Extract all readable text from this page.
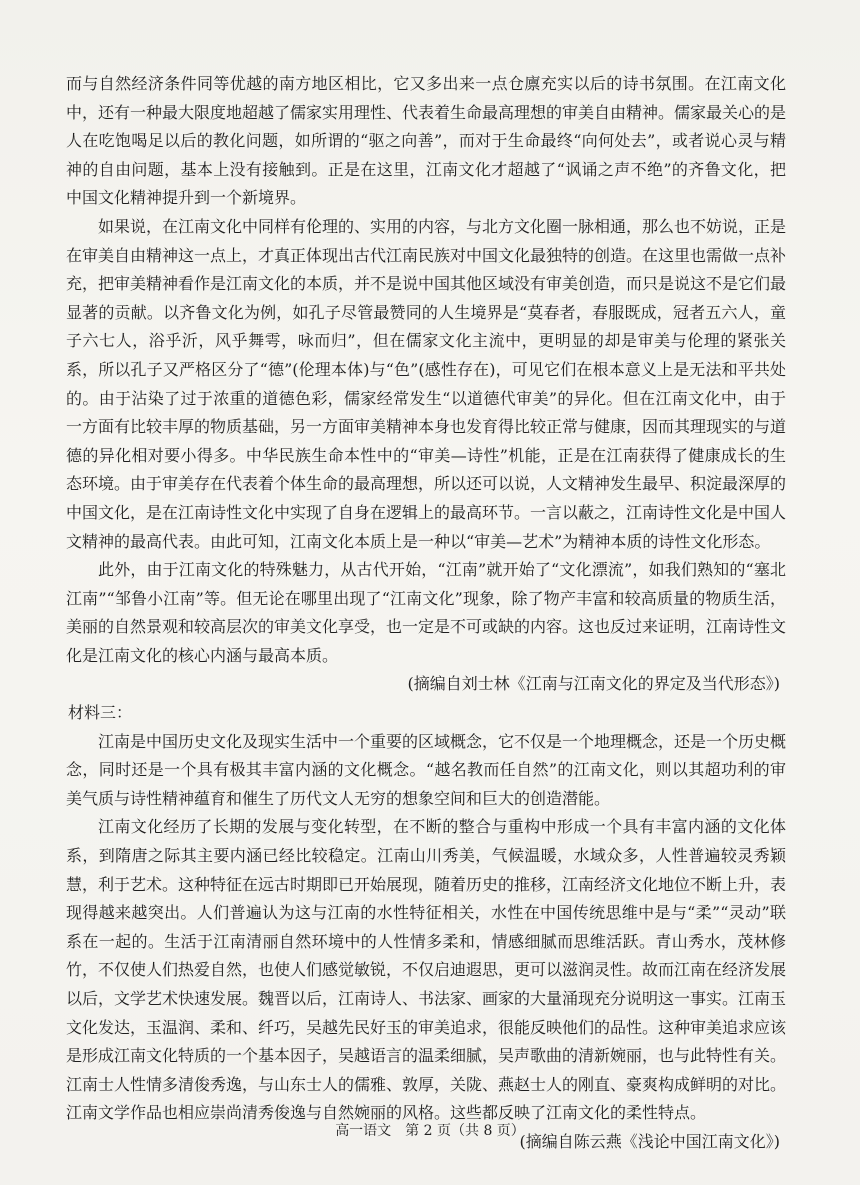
而与自然经济条件同等优越的南方地区相比，它又多出来一点仓廪充实以后的诗书氛围。在江南文化中，还有一种最大限度地超越了儒家实用理性、代表着生命最高理想的审美自由精神。儒家最关心的是人在吃饱喝足以后的教化问题，如所谓的“驱之向善”，而对于生命最终“向何处去”，或者说心灵与精神的自由问题，基本上没有接触到。正是在这里，江南文化才超越了“讽诵之声不绝”的齐鲁文化，把中国文化精神提升到一个新境界。

如果说，在江南文化中同样有伦理的、实用的内容，与北方文化圈一脉相通，那么也不妨说，正是在审美自由精神这一点上，才真正体现出古代江南民族对中国文化最独特的创造。在这里也需做一点补充，把审美精神看作是江南文化的本质，并不是说中国其他区域没有审美创造，而只是说这不是它们最显著的贡献。以齐鲁文化为例，如孔子尽管最赞同的人生境界是“莫春者，春服既成，冠者五六人，童子六七人，浴乎沂，风乎舞雩，咏而归”，但在儒家文化主流中，更明显的却是审美与伦理的紧张关系，所以孔子又严格区分了“德”(伦理本体)与“色”(感性存在)，可见它们在根本意义上是无法和平共处的。由于沾染了过于浓重的道德色彩，儒家经常发生“以道德代审美”的异化。但在江南文化中，由于一方面有比较丰厚的物质基础，另一方面审美精神本身也发育得比较正常与健康，因而其理现实的与道德的异化相对要小得多。中华民族生命本性中的“审美—诗性”机能，正是在江南获得了健康成长的生态环境。由于审美存在代表着个体生命的最高理想，所以还可以说，人文精神发生最早、积淀最深厚的中国文化，是在江南诗性文化中实现了自身在逻辑上的最高环节。一言以蔽之，江南诗性文化是中国人文精神的最高代表。由此可知，江南文化本质上是一种以“审美—艺术”为精神本质的诗性文化形态。

此外，由于江南文化的特殊魅力，从古代开始，“江南”就开始了“文化漂流”，如我们熟知的“塞北江南”“邹鲁小江南”等。但无论在哪里出现了“江南文化”现象，除了物产丰富和较高质量的物质生活，美丽的自然景观和较高层次的审美文化享受，也一定是不可或缺的内容。这也反过来证明，江南诗性文化是江南文化的核心内涵与最高本质。

(摘编自刘士林《江南与江南文化的界定及当代形态》)

材料三：

江南是中国历史文化及现实生活中一个重要的区域概念，它不仅是一个地理概念，还是一个历史概念，同时还是一个具有极其丰富内涵的文化概念。“越名教而任自然”的江南文化，则以其超功利的审美气质与诗性精神蕴育和催生了历代文人无穷的想象空间和巨大的创造潜能。

江南文化经历了长期的发展与变化转型，在不断的整合与重构中形成一个具有丰富内涵的文化体系，到隋唐之际其主要内涵已经比较稳定。江南山川秀美，气候温暖，水域众多，人性普遍较灵秀颖慧，利于艺术。这种特征在远古时期即已开始展现，随着历史的推移，江南经济文化地位不断上升，表现得越来越突出。人们普遍认为这与江南的水性特征相关，水性在中国传统思维中是与“柔”“灵动”联系在一起的。生活于江南清丽自然环境中的人性情多柔和，情感细腻而思维活跃。青山秀水，茂林修竹，不仅使人们热爱自然，也使人们感觉敏锐，不仅启迪遐思，更可以滋润灵性。故而江南在经济发展以后，文学艺术快速发展。魏晋以后，江南诗人、书法家、画家的大量涌现充分说明这一事实。江南玉文化发达，玉温润、柔和、纤巧，吴越先民好玉的审美追求，很能反映他们的品性。这种审美追求应该是形成江南文化特质的一个基本因子，吴越语言的温柔细腻，吴声歌曲的清新婉丽，也与此特性有关。江南士人性情多清俊秀逸，与山东士人的儒雅、敦厚，关陇、燕赵士人的刚直、豪爽构成鲜明的对比。江南文学作品也相应崇尚清秀俊逸与自然婉丽的风格。这些都反映了江南文化的柔性特点。

(摘编自陈云燕《浅论中国江南文化》)

高一语文　第 2 页（共 8 页）
